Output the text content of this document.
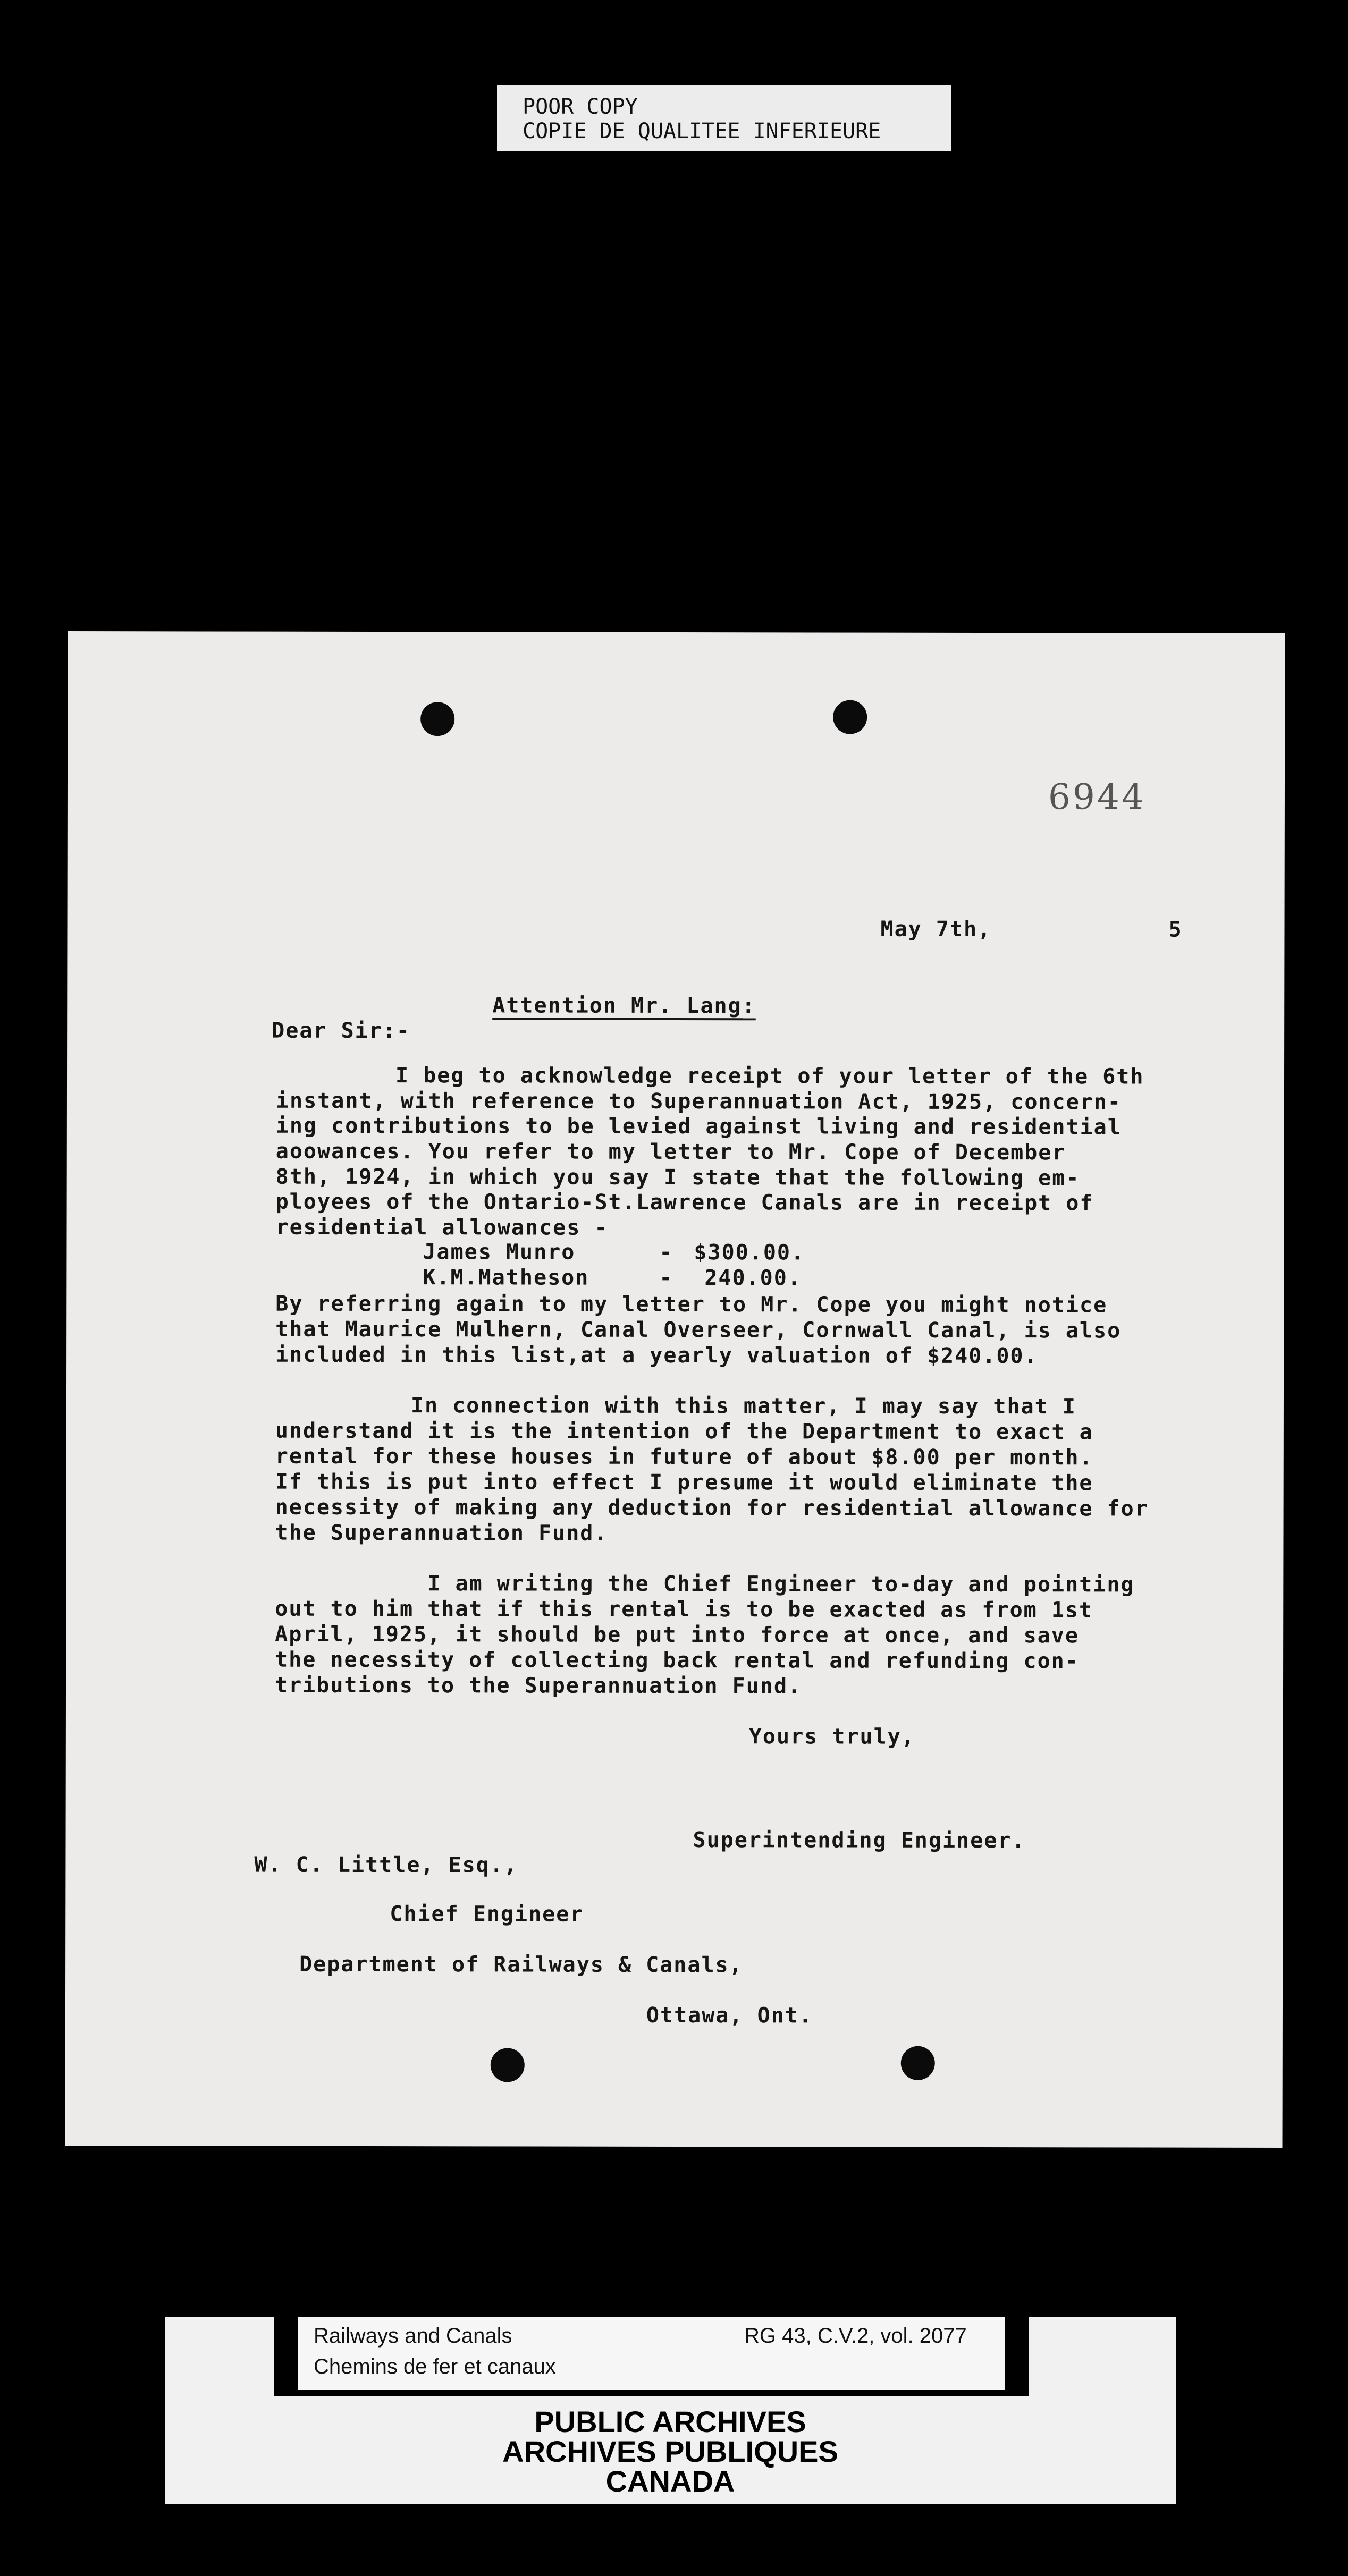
POOR COPY
COPIE DE QUALITEE INFERIEURE
6944
May 7th,	5
Attention Mr. Lang:
Dear Sir:-
I beg to acknowledge receipt of your letter of the 6th
instant, with reference to Superannuation Act, 1925, concern-
ing contributions to be levied against living and residential
aoowances. You refer to my letter to Mr. Cope of December
8th, 1924, in which you say I state that the following em-
ployees of the Ontario-St.Lawrence Canals are in receipt of
residential allowances -
James Munro	- $300.00.
K.M.Matheson	- 240.00.
By referring again to my letter to Mr. Cope you might notice
that Maurice Mulhern, Canal Overseer, Cornwall Canal, is also
included in this list,at a yearly valuation of $240.00.
In connection with this matter, I may say that I
understand it is the intention of the Department to exact a
rental for these houses in future of about $8.00 per month.
If this is put into effect I presume it would eliminate the
necessity of making any deduction for residential allowance for
the Superannuation Fund.
I am writing the Chief Engineer to-day and pointing
out to him that if this rental is to be exacted as from 1st
April, 1925, it should be put into force at once, and save
the necessity of collecting back rental and refunding con-
tributions to the Superannuation Fund.
Yours truly,
Superintending Engineer.
W. C. Little, Esq.,
Chief Engineer
Department of Railways & Canals,
Ottawa, Ont.
Railways and Canals
Chemins de fer et canaux
RG 43, C.V.2, vol. 2077
PUBLIC ARCHIVES
ARCHIVES PUBLIQUES
CANADA
